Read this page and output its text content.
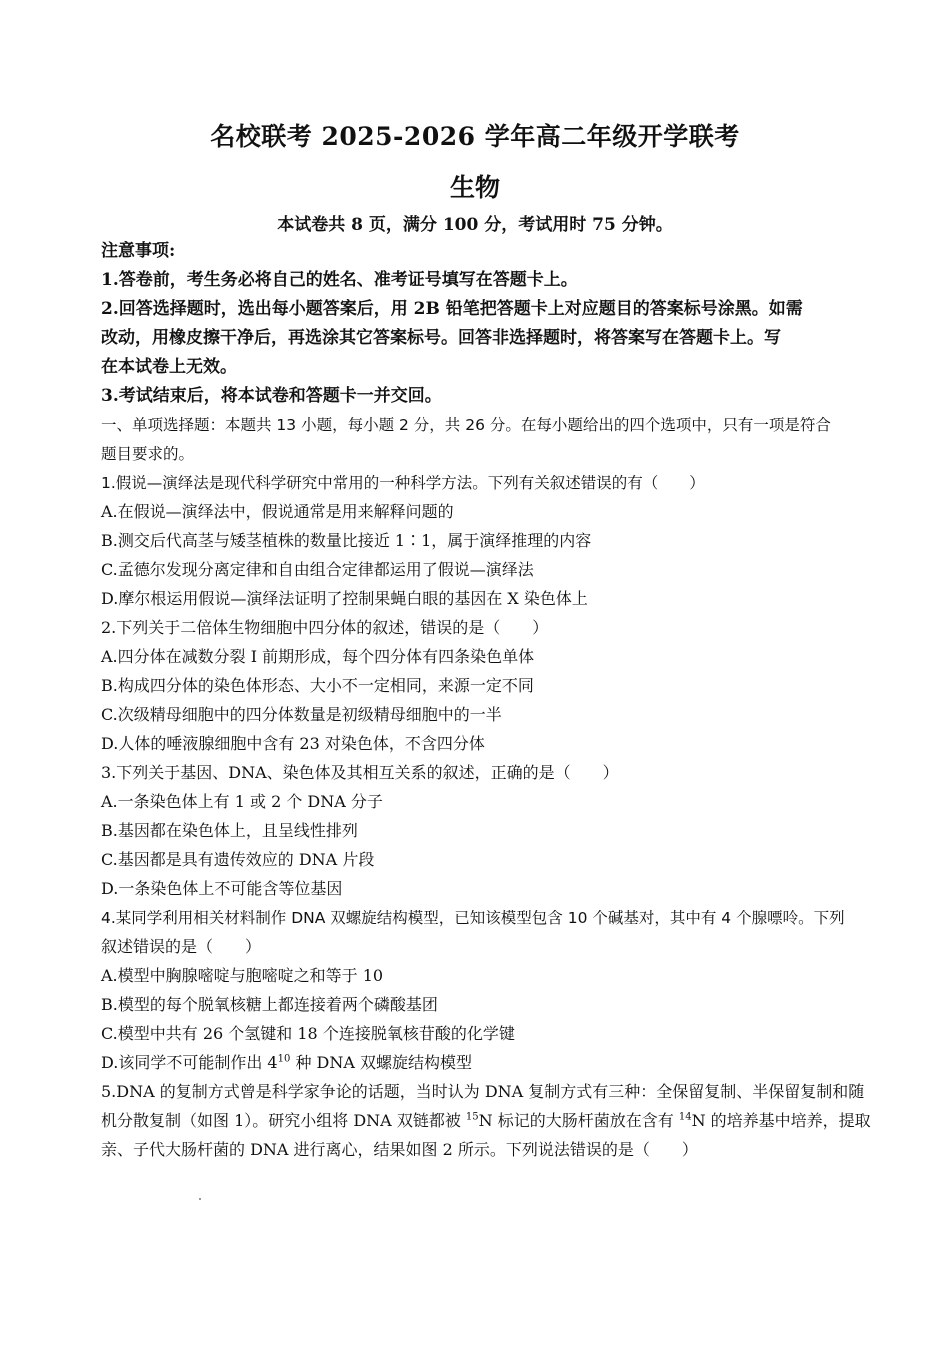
名校联考 2025-2026 学年高二年级开学联考
生物
本试卷共 8 页，满分 100 分，考试用时 75 分钟。
注意事项:
1.答卷前，考生务必将自己的姓名、准考证号填写在答题卡上。
2.回答选择题时，选出每小题答案后，用 2B 铅笔把答题卡上对应题目的答案标号涂黑。如需
改动，用橡皮擦干净后，再选涂其它答案标号。回答非选择题时，将答案写在答题卡上。写
在本试卷上无效。
3.考试结束后，将本试卷和答题卡一并交回。
一、单项选择题：本题共 13 小题，每小题 2 分，共 26 分。在每小题给出的四个选项中，只有一项是符合
题目要求的。
1.假说—演绎法是现代科学研究中常用的一种科学方法。下列有关叙述错误的有（　　）
A.在假说—演绎法中，假说通常是用来解释问题的
B.测交后代高茎与矮茎植株的数量比接近 1∶1，属于演绎推理的内容
C.孟德尔发现分离定律和自由组合定律都运用了假说—演绎法
D.摩尔根运用假说—演绎法证明了控制果蝇白眼的基因在 X 染色体上
2.下列关于二倍体生物细胞中四分体的叙述，错误的是（　　）
A.四分体在减数分裂 I 前期形成，每个四分体有四条染色单体
B.构成四分体的染色体形态、大小不一定相同，来源一定不同
C.次级精母细胞中的四分体数量是初级精母细胞中的一半
D.人体的唾液腺细胞中含有 23 对染色体，不含四分体
3.下列关于基因、DNA、染色体及其相互关系的叙述，正确的是（　　）
A.一条染色体上有 1 或 2 个 DNA 分子
B.基因都在染色体上，且呈线性排列
C.基因都是具有遗传效应的 DNA 片段
D.一条染色体上不可能含等位基因
4.某同学利用相关材料制作 DNA 双螺旋结构模型，已知该模型包含 10 个碱基对，其中有 4 个腺嘌呤。下列
叙述错误的是（　　）
A.模型中胸腺嘧啶与胞嘧啶之和等于 10
B.模型的每个脱氧核糖上都连接着两个磷酸基团
C.模型中共有 26 个氢键和 18 个连接脱氧核苷酸的化学键
D.该同学不可能制作出 $4^{10}$ 种 DNA 双螺旋结构模型
5.DNA 的复制方式曾是科学家争论的话题，当时认为 DNA 复制方式有三种：全保留复制、半保留复制和随
机分散复制（如图 1）。研究小组将 DNA 双链都被 $^{15}$N 标记的大肠杆菌放在含有 $^{14}$N 的培养基中培养，提取
亲、子代大肠杆菌的 DNA 进行离心，结果如图 2 所示。下列说法错误的是（　　）
